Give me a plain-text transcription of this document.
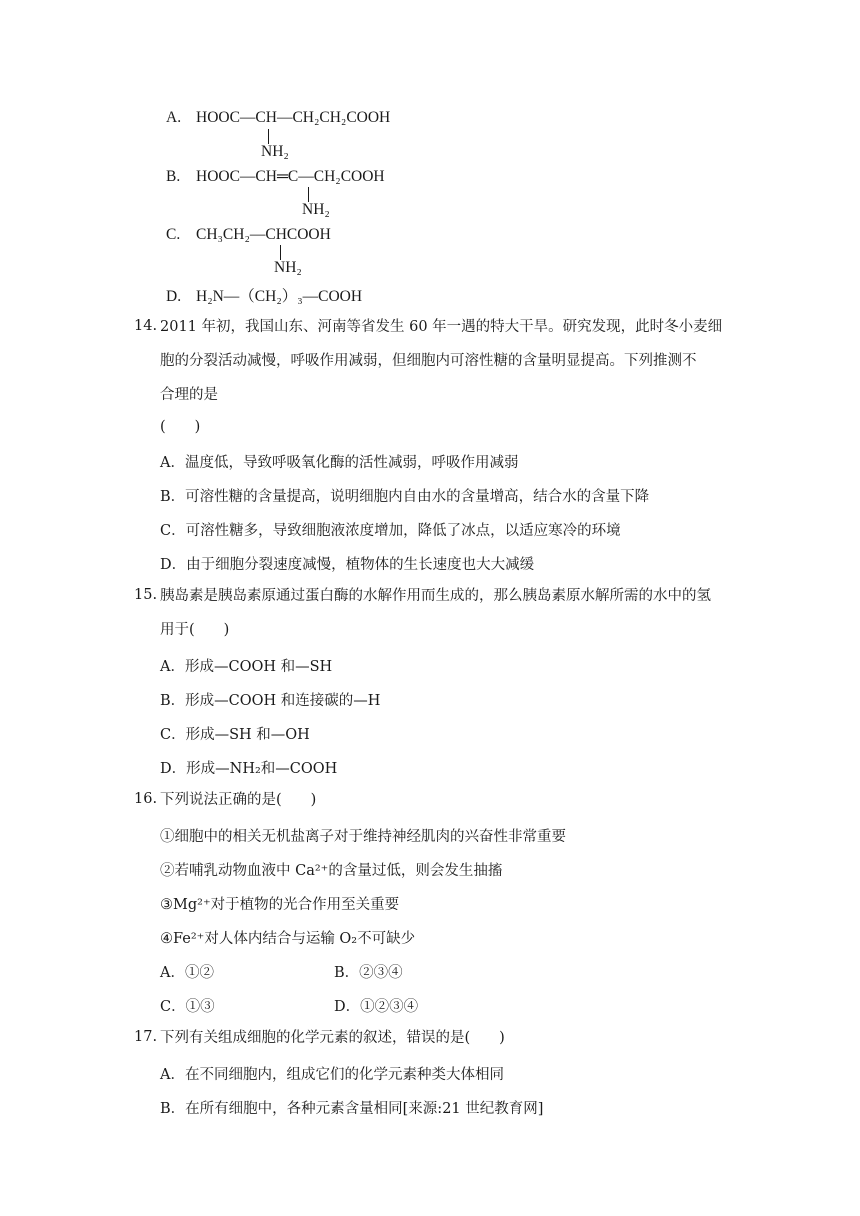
A. HOOC—CH—CH₂CH₂COOH
NH₂
B. HOOC—CH═C—CH₂COOH
NH₂
C. CH₃CH₂—CHCOOH
NH₂
D. H₂N—（CH₂）₃—COOH
14. 2011 年初，我国山东、河南等省发生 60 年一遇的特大干旱。研究发现，此时冬小麦细
胞的分裂活动减慢，呼吸作用减弱，但细胞内可溶性糖的含量明显提高。下列推测不
合理的是
(　　)
A．温度低，导致呼吸氧化酶的活性减弱，呼吸作用减弱
B．可溶性糖的含量提高，说明细胞内自由水的含量增高，结合水的含量下降
C．可溶性糖多，导致细胞液浓度增加，降低了冰点，以适应寒冷的环境
D．由于细胞分裂速度减慢，植物体的生长速度也大大减缓
15. 胰岛素是胰岛素原通过蛋白酶的水解作用而生成的，那么胰岛素原水解所需的水中的氢
用于(　　)
A．形成—COOH 和—SH
B．形成—COOH 和连接碳的—H
C．形成—SH 和—OH
D．形成—NH₂和—COOH
16. 下列说法正确的是(　　)
①细胞中的相关无机盐离子对于维持神经肌肉的兴奋性非常重要
②若哺乳动物血液中 Ca²⁺的含量过低，则会发生抽搐
③Mg²⁺对于植物的光合作用至关重要
④Fe²⁺对人体内结合与运输 O₂不可缺少
A．①②	B．②③④
C．①③	D．①②③④
17. 下列有关组成细胞的化学元素的叙述，错误的是(　　)
A．在不同细胞内，组成它们的化学元素种类大体相同
B．在所有细胞中，各种元素含量相同[来源:21 世纪教育网]
